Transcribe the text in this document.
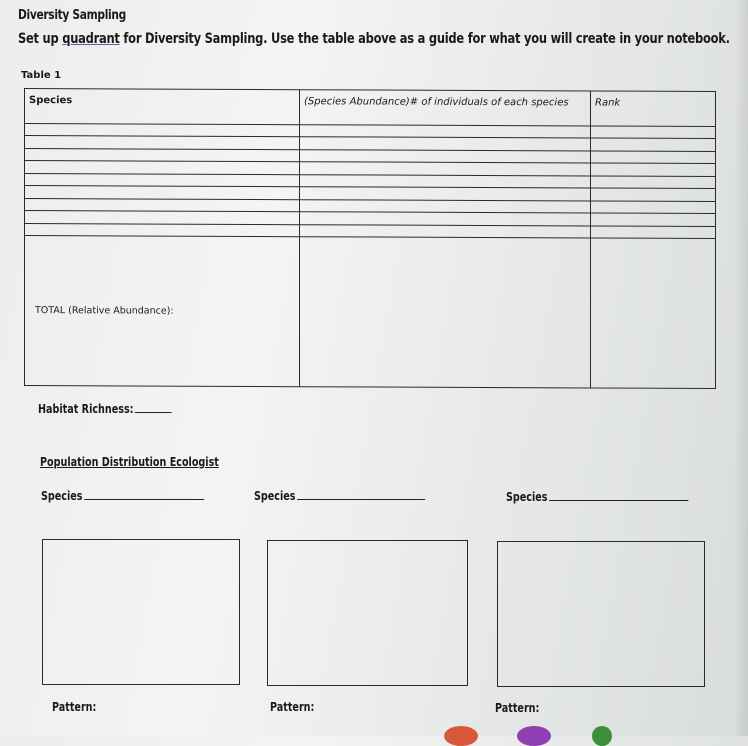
Diversity Sampling
Set up quadrant for Diversity Sampling. Use the table above as a guide for what you will create in your notebook.
Table 1
Species	(Species Abundance)# of individuals of each species	Rank

TOTAL (Relative Abundance):		
Habitat Richness:
Population Distribution Ecologist
Species	Species	Species
Pattern:	Pattern:	Pattern:
